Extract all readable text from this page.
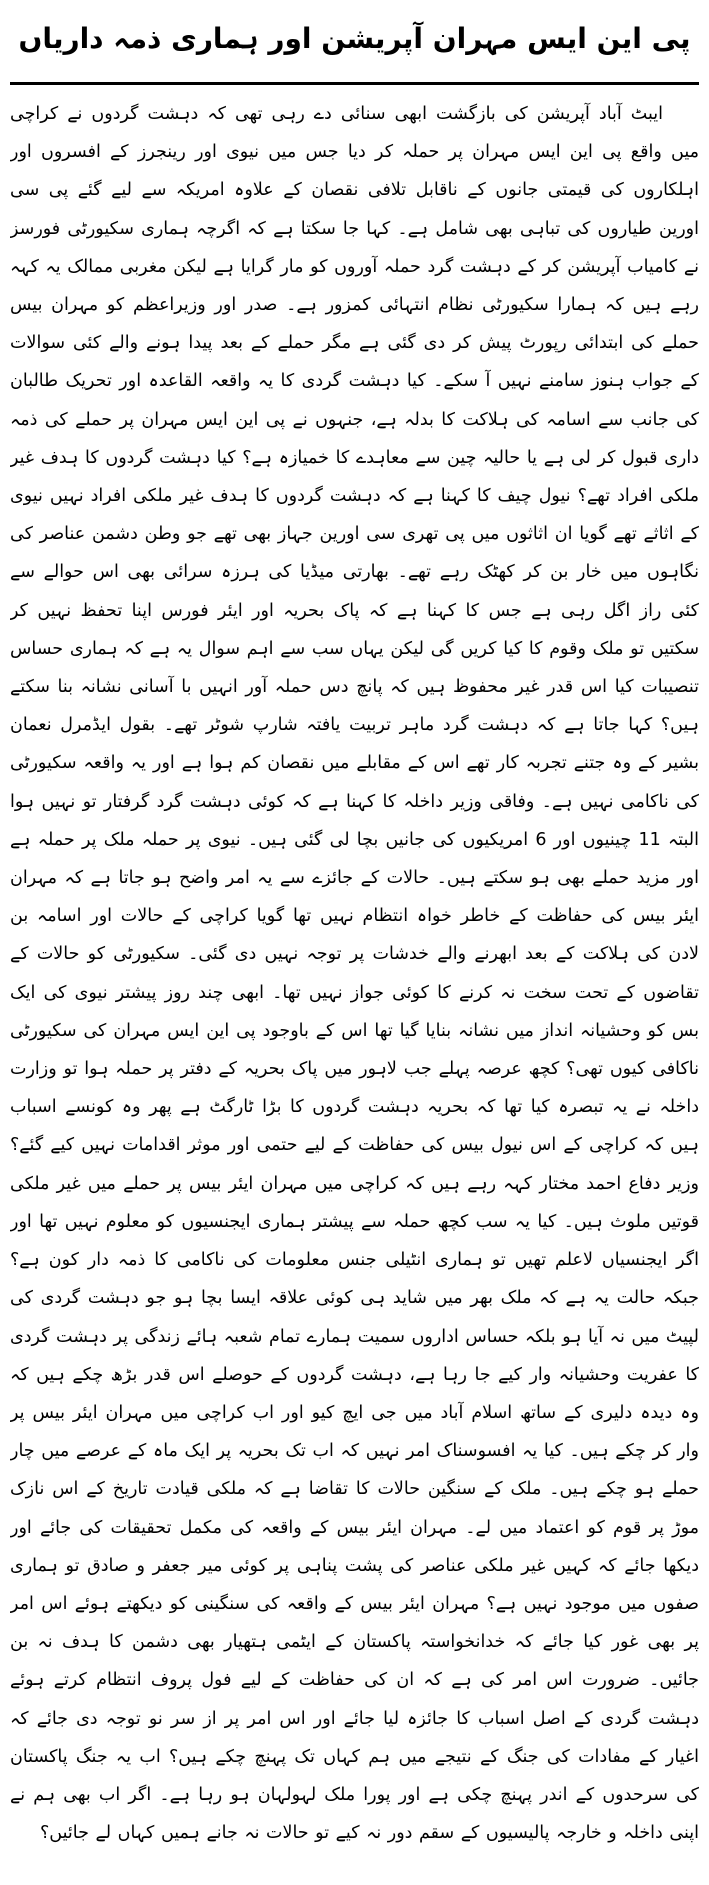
پی این ایس مہران آپریشن اور ہماری ذمہ داریاں

ایبٹ آباد آپریشن کی بازگشت ابھی سنائی دے رہی تھی کہ دہشت گردوں نے کراچی میں واقع پی این ایس مہران پر حملہ کر دیا جس میں نیوی اور رینجرز کے افسروں اور اہلکاروں کی قیمتی جانوں کے ناقابل تلافی نقصان کے علاوہ امریکہ سے لیے گئے پی سی اورین طیاروں کی تباہی بھی شامل ہے۔ کہا جا سکتا ہے کہ اگرچہ ہماری سکیورٹی فورسز نے کامیاب آپریشن کر کے دہشت گرد حملہ آوروں کو مار گرایا ہے لیکن مغربی ممالک یہ کہہ رہے ہیں کہ ہمارا سکیورٹی نظام انتہائی کمزور ہے۔ صدر اور وزیراعظم کو مہران بیس حملے کی ابتدائی رپورٹ پیش کر دی گئی ہے مگر حملے کے بعد پیدا ہونے والے کئی سوالات کے جواب ہنوز سامنے نہیں آ سکے۔ کیا دہشت گردی کا یہ واقعہ القاعدہ اور تحریک طالبان کی جانب سے اسامہ کی ہلاکت کا بدلہ ہے، جنہوں نے پی این ایس مہران پر حملے کی ذمہ داری قبول کر لی ہے یا حالیہ چین سے معاہدے کا خمیازہ ہے؟ کیا دہشت گردوں کا ہدف غیر ملکی افراد تھے؟ نیول چیف کا کہنا ہے کہ دہشت گردوں کا ہدف غیر ملکی افراد نہیں نیوی کے اثاثے تھے گویا ان اثاثوں میں پی تھری سی اورین جہاز بھی تھے جو وطن دشمن عناصر کی نگاہوں میں خار بن کر کھٹک رہے تھے۔ بھارتی میڈیا کی ہرزہ سرائی بھی اس حوالے سے کئی راز اگل رہی ہے جس کا کہنا ہے کہ پاک بحریہ اور ایئر فورس اپنا تحفظ نہیں کر سکتیں تو ملک وقوم کا کیا کریں گی لیکن یہاں سب سے اہم سوال یہ ہے کہ ہماری حساس تنصیبات کیا اس قدر غیر محفوظ ہیں کہ پانچ دس حملہ آور انہیں با آسانی نشانہ بنا سکتے ہیں؟ کہا جاتا ہے کہ دہشت گرد ماہر تربیت یافتہ شارپ شوٹر تھے۔ بقول ایڈمرل نعمان بشیر کے وہ جتنے تجربہ کار تھے اس کے مقابلے میں نقصان کم ہوا ہے اور یہ واقعہ سکیورٹی کی ناکامی نہیں ہے۔ وفاقی وزیر داخلہ کا کہنا ہے کہ کوئی دہشت گرد گرفتار تو نہیں ہوا البتہ 11 چینیوں اور 6 امریکیوں کی جانیں بچا لی گئی ہیں۔ نیوی پر حملہ ملک پر حملہ ہے اور مزید حملے بھی ہو سکتے ہیں۔ حالات کے جائزے سے یہ امر واضح ہو جاتا ہے کہ مہران ایئر بیس کی حفاظت کے خاطر خواہ انتظام نہیں تھا گویا کراچی کے حالات اور اسامہ بن لادن کی ہلاکت کے بعد ابھرنے والے خدشات پر توجہ نہیں دی گئی۔ سکیورٹی کو حالات کے تقاضوں کے تحت سخت نہ کرنے کا کوئی جواز نہیں تھا۔ ابھی چند روز پیشتر نیوی کی ایک بس کو وحشیانہ انداز میں نشانہ بنایا گیا تھا اس کے باوجود پی این ایس مہران کی سکیورٹی ناکافی کیوں تھی؟ کچھ عرصہ پہلے جب لاہور میں پاک بحریہ کے دفتر پر حملہ ہوا تو وزارت داخلہ نے یہ تبصرہ کیا تھا کہ بحریہ دہشت گردوں کا بڑا ٹارگٹ ہے پھر وہ کونسے اسباب ہیں کہ کراچی کے اس نیول بیس کی حفاظت کے لیے حتمی اور موثر اقدامات نہیں کیے گئے؟ وزیر دفاع احمد مختار کہہ رہے ہیں کہ کراچی میں مہران ایئر بیس پر حملے میں غیر ملکی قوتیں ملوث ہیں۔ کیا یہ سب کچھ حملہ سے پیشتر ہماری ایجنسیوں کو معلوم نہیں تھا اور اگر ایجنسیاں لاعلم تھیں تو ہماری انٹیلی جنس معلومات کی ناکامی کا ذمہ دار کون ہے؟ جبکہ حالت یہ ہے کہ ملک بھر میں شاید ہی کوئی علاقہ ایسا بچا ہو جو دہشت گردی کی لپیٹ میں نہ آیا ہو بلکہ حساس اداروں سمیت ہمارے تمام شعبہ ہائے زندگی پر دہشت گردی کا عفریت وحشیانہ وار کیے جا رہا ہے، دہشت گردوں کے حوصلے اس قدر بڑھ چکے ہیں کہ وہ دیدہ دلیری کے ساتھ اسلام آباد میں جی ایچ کیو اور اب کراچی میں مہران ایئر بیس پر وار کر چکے ہیں۔ کیا یہ افسوسناک امر نہیں کہ اب تک بحریہ پر ایک ماہ کے عرصے میں چار حملے ہو چکے ہیں۔ ملک کے سنگین حالات کا تقاضا ہے کہ ملکی قیادت تاریخ کے اس نازک موڑ پر قوم کو اعتماد میں لے۔ مہران ایئر بیس کے واقعہ کی مکمل تحقیقات کی جائے اور دیکھا جائے کہ کہیں غیر ملکی عناصر کی پشت پناہی پر کوئی میر جعفر و صادق تو ہماری صفوں میں موجود نہیں ہے؟ مہران ایئر بیس کے واقعہ کی سنگینی کو دیکھتے ہوئے اس امر پر بھی غور کیا جائے کہ خدانخواستہ پاکستان کے ایٹمی ہتھیار بھی دشمن کا ہدف نہ بن جائیں۔ ضرورت اس امر کی ہے کہ ان کی حفاظت کے لیے فول پروف انتظام کرتے ہوئے دہشت گردی کے اصل اسباب کا جائزہ لیا جائے اور اس امر پر از سر نو توجہ دی جائے کہ اغیار کے مفادات کی جنگ کے نتیجے میں ہم کہاں تک پہنچ چکے ہیں؟ اب یہ جنگ پاکستان کی سرحدوں کے اندر پہنچ چکی ہے اور پورا ملک لہولہان ہو رہا ہے۔ اگر اب بھی ہم نے اپنی داخلہ و خارجہ پالیسیوں کے سقم دور نہ کیے تو حالات نہ جانے ہمیں کہاں لے جائیں؟
